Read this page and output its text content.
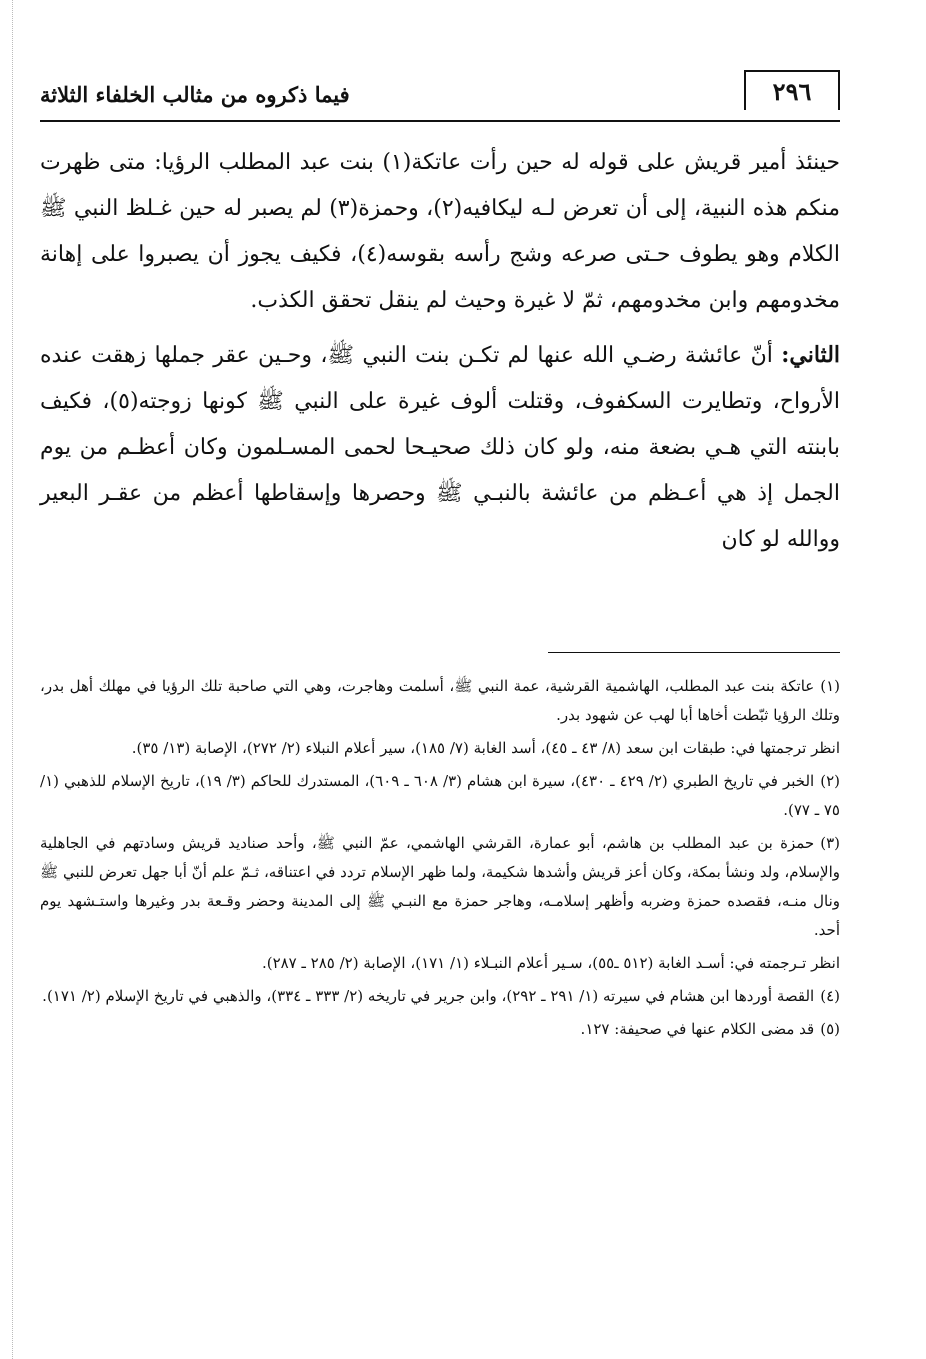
٢٩٦
فيما ذكروه من مثالب الخلفاء الثلاثة

حينئذ أمير قريش على قوله له حين رأت عاتكة(١) بنت عبد المطلب الرؤيا: متى ظهرت منكم هذه النبية، إلى أن تعرض لـه ليكافيه(٢)، وحمزة(٣) لم يصبر له حين غـلظ النبي ﷺ الكلام وهو يطوف حـتى صرعه وشج رأسه بقوسه(٤)، فكيف يجوز أن يصبروا على إهانة مخدومهم وابن مخدومهم، ثمّ لا غيرة وحيث لم ينقل تحقق الكذب.

الثاني: أنّ عائشة رضـي الله عنها لم تكـن بنت النبي ﷺ، وحـين عقر جملها زهقت عنده الأرواح، وتطايرت السكفوف، وقتلت ألوف غيرة على النبي ﷺ كونها زوجته(٥)، فكيف بابنته التي هـي بضعة منه، ولو كان ذلك صحيـحا لحمى المسـلمون وكان أعظـم من يوم الجمل إذ هي أعـظم من عائشة بالنبـي ﷺ وحصرها وإسقاطها أعظم من عقـر البعير ووالله لو كان

(١)عاتكة بنت عبد المطلب، الهاشمية القرشية، عمة النبي ﷺ، أسلمت وهاجرت، وهي التي صاحبة تلك الرؤيا في مهلك أهل بدر، وتلك الرؤيا ثبّطت أخاها أبا لهب عن شهود بدر.
انظر ترجمتها في: طبقات ابن سعد (٨/ ٤٣ ـ ٤٥)، أسد الغابة (٧/ ١٨٥)، سير أعلام النبلاء (٢/ ٢٧٢)، الإصابة (١٣/ ٣٥).
(٢)الخبر في تاريخ الطبري (٢/ ٤٢٩ ـ ٤٣٠)، سيرة ابن هشام (٣/ ٦٠٨ ـ ٦٠٩)، المستدرك للحاكم (٣/ ١٩)، تاريخ الإسلام للذهبي (١/ ٧٥ ـ ٧٧).
(٣)حمزة بن عبد المطلب بن هاشم، أبو عمارة، القرشي الهاشمي، عمّ النبي ﷺ، وأحد صناديد قريش وسادتهم في الجاهلية والإسلام، ولد ونشأ بمكة، وكان أعز قريش وأشدها شكيمة، ولما ظهر الإسلام تردد في اعتناقه، ثـمّ علم أنّ أبا جهل تعرض للنبي ﷺ ونال منـه، فقصده حمزة وضربه وأظهر إسلامـه، وهاجر حمزة مع النبـي ﷺ إلى المدينة وحضر وقـعة بدر وغيرها واستـشهد يوم أحد.
انظر تـرجمته في: أسـد الغابة (٥١٢ ـ٥٥)، سـير أعلام النبـلاء (١/ ١٧١)، الإصابة (٢/ ٢٨٥ ـ ٢٨٧).
(٤)القصة أوردها ابن هشام في سيرته (١/ ٢٩١ ـ ٢٩٢)، وابن جرير في تاريخه (٢/ ٣٣٣ ـ ٣٣٤)، والذهبي في تاريخ الإسلام (٢/ ١٧١).
(٥)قد مضى الكلام عنها في صحيفة: ١٢٧.
